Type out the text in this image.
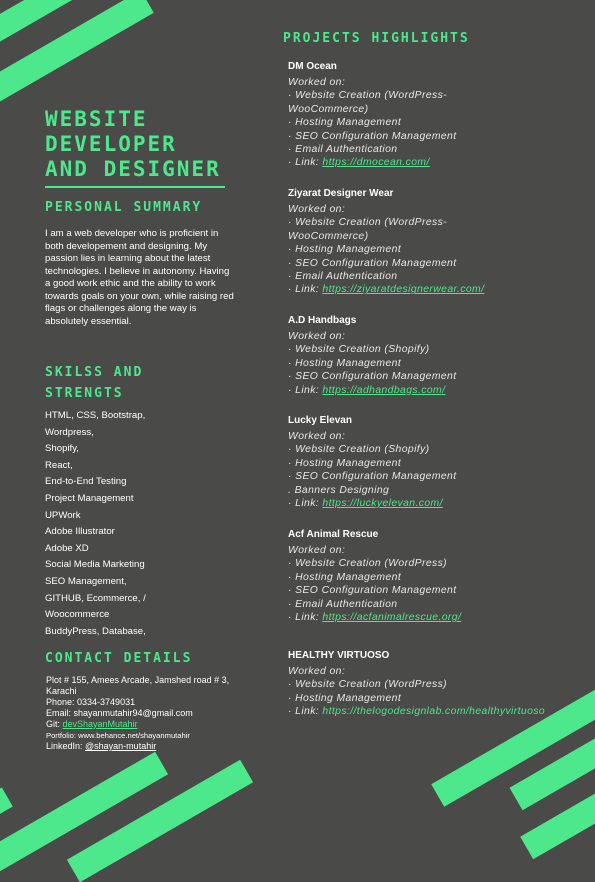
WEBSITE DEVELOPER AND DESIGNER
PERSONAL SUMMARY

I am a web developer who is proficient in both developement and designing. My passion lies in learning about the latest technologies. I believe in autonomy. Having a good work ethic and the ability to work towards goals on your own, while raising red flags or challenges along the way is absolutely essential.

SKILSS AND STRENGTS
HTML, CSS, Bootstrap,
Wordpress,
Shopify,
React,
End-to-End Testing
Project Management
UPWork
Adobe Illustrator
Adobe XD
Social Media Marketing
SEO Management,
GITHUB, Ecommerce, /
Woocommerce
BuddyPress, Database,
CONTACT DETAILS
Plot # 155, Amees Arcade, Jamshed road # 3, Karachi
Phone: 0334-3749031
Email: shayanmutahir94@gmail.com
Git: devShayanMutahir
Portfolio: www.behance.net/shayanmutahir
LinkedIn: @shayan-mutahir
PROJECTS HIGHLIGHTS
DM Ocean
Worked on:
· Website Creation (WordPress-WooCommerce)
· Hosting Management
· SEO Configuration Management
· Email Authentication
· Link: https://dmocean.com/
Ziyarat Designer Wear
Worked on:
· Website Creation (WordPress-WooCommerce)
· Hosting Management
· SEO Configuration Management
· Email Authentication
· Link: https://ziyaratdesignerwear.com/
A.D Handbags
Worked on:
· Website Creation (Shopify)
· Hosting Management
· SEO Configuration Management
· Link: https://adhandbags.com/
Lucky Elevan
Worked on:
· Website Creation (Shopify)
· Hosting Management
· SEO Configuration Management
. Banners Designing
· Link: https://luckyelevan.com/
Acf Animal Rescue
Worked on:
· Website Creation (WordPress)
· Hosting Management
· SEO Configuration Management
· Email Authentication
· Link: https://acfanimalrescue.org/
HEALTHY VIRTUOSO
Worked on:
· Website Creation (WordPress)
· Hosting Management
· Link: https://thelogodesignlab.com/healthyvirtuoso
